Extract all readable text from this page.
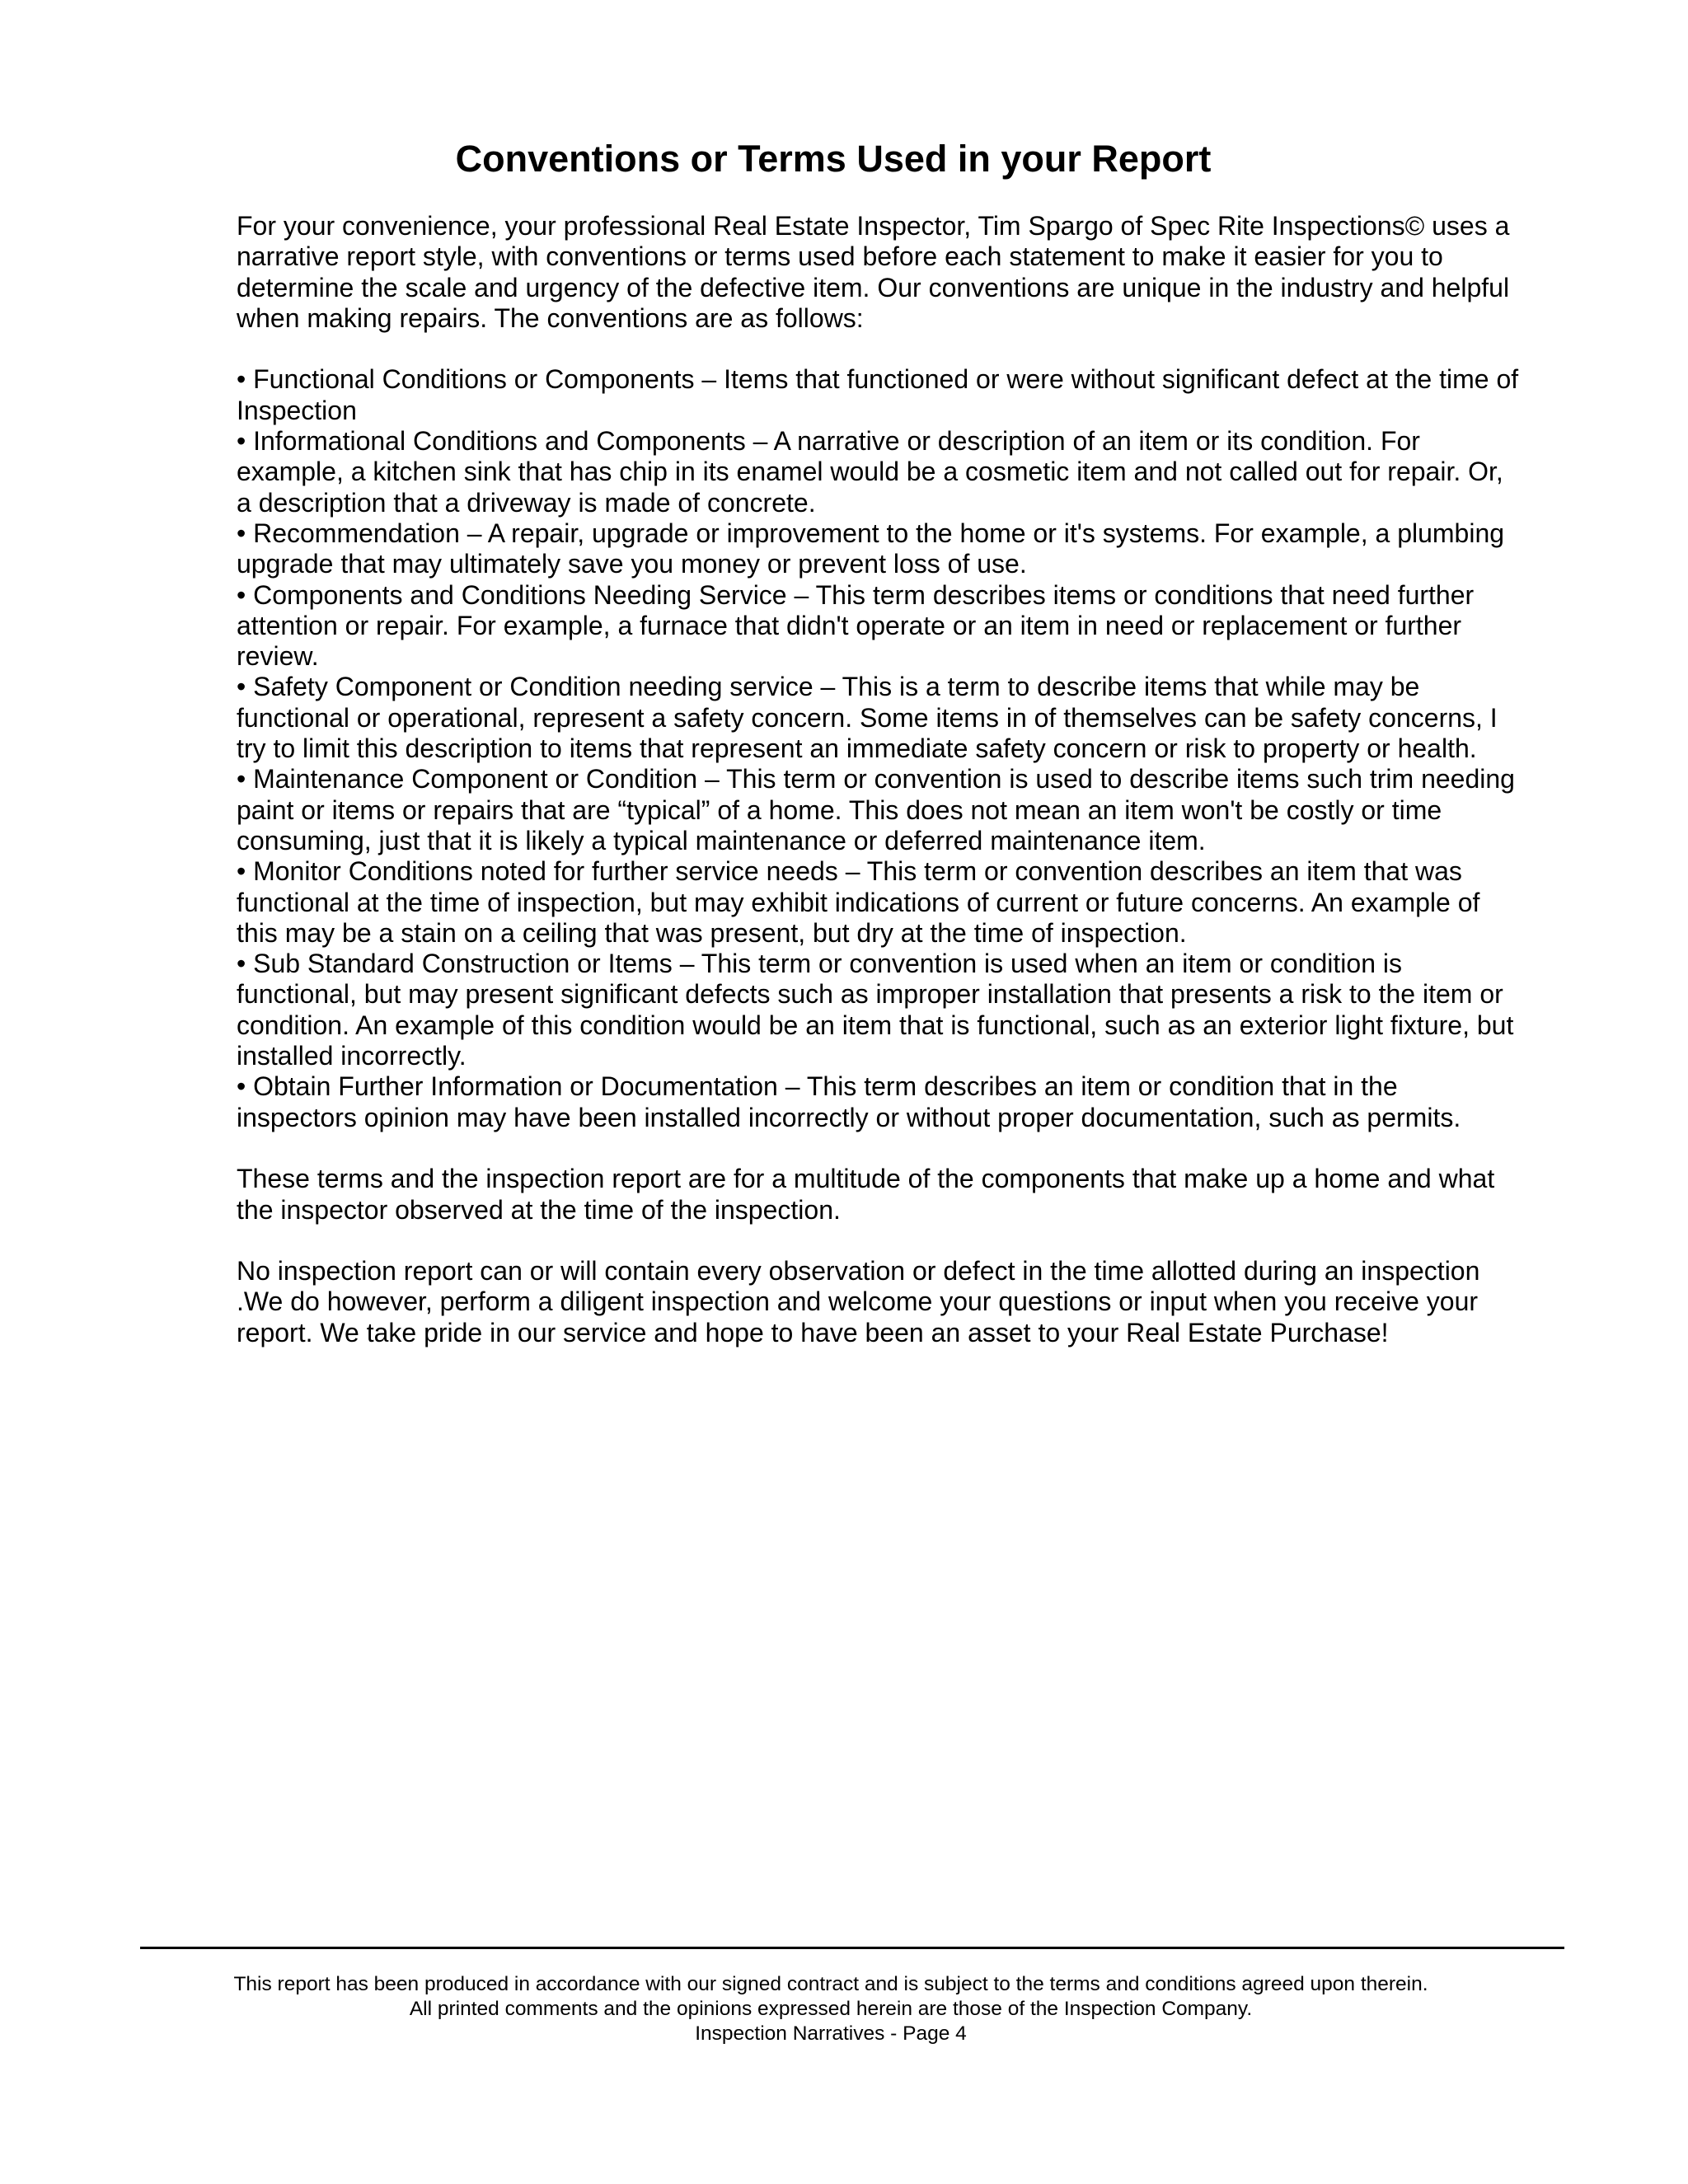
Conventions or Terms Used in your Report

For your convenience, your professional Real Estate Inspector, Tim Spargo of Spec Rite Inspections© uses a narrative report style, with conventions or terms used before each statement to make it easier for you to determine the scale and urgency of the defective item. Our conventions are unique in the industry and helpful when making repairs. The conventions are as follows:

• Functional Conditions or Components – Items that functioned or were without significant defect at the time of Inspection

• Informational Conditions and Components – A narrative or description of an item or its condition. For example, a kitchen sink that has chip in its enamel would be a cosmetic item and not called out for repair. Or, a description that a driveway is made of concrete.

• Recommendation – A repair, upgrade or improvement to the home or it's systems. For example, a plumbing upgrade that may ultimately save you money or prevent loss of use.

• Components and Conditions Needing Service – This term describes items or conditions that need further attention or repair. For example, a furnace that didn't operate or an item in need or replacement or further review.

• Safety Component or Condition needing service – This is a term to describe items that while may be functional or operational, represent a safety concern. Some items in of themselves can be safety concerns, I try to limit this description to items that represent an immediate safety concern or risk to property or health.

• Maintenance Component or Condition – This term or convention is used to describe items such trim needing paint or items or repairs that are “typical” of a home. This does not mean an item won't be costly or time consuming, just that it is likely a typical maintenance or deferred maintenance item.

• Monitor Conditions noted for further service needs – This term or convention describes an item that was functional at the time of inspection, but may exhibit indications of current or future concerns. An example of this may be a stain on a ceiling that was present, but dry at the time of inspection.

• Sub Standard Construction or Items – This term or convention is used when an item or condition is functional, but may present significant defects such as improper installation that presents a risk to the item or condition. An example of this condition would be an item that is functional, such as an exterior light fixture, but installed incorrectly.

• Obtain Further Information or Documentation – This term describes an item or condition that in the inspectors opinion may have been installed incorrectly or without proper documentation, such as permits.

These terms and the inspection report are for a multitude of the components that make up a home and what the inspector observed at the time of the inspection.

No inspection report can or will contain every observation or defect in the time allotted during an inspection .We do however, perform a diligent inspection and welcome your questions or input when you receive your report. We take pride in our service and hope to have been an asset to your Real Estate Purchase!

This report has been produced in accordance with our signed contract and is subject to the terms and conditions agreed upon therein.
All printed comments and the opinions expressed herein are those of the Inspection Company.
Inspection Narratives - Page 4
